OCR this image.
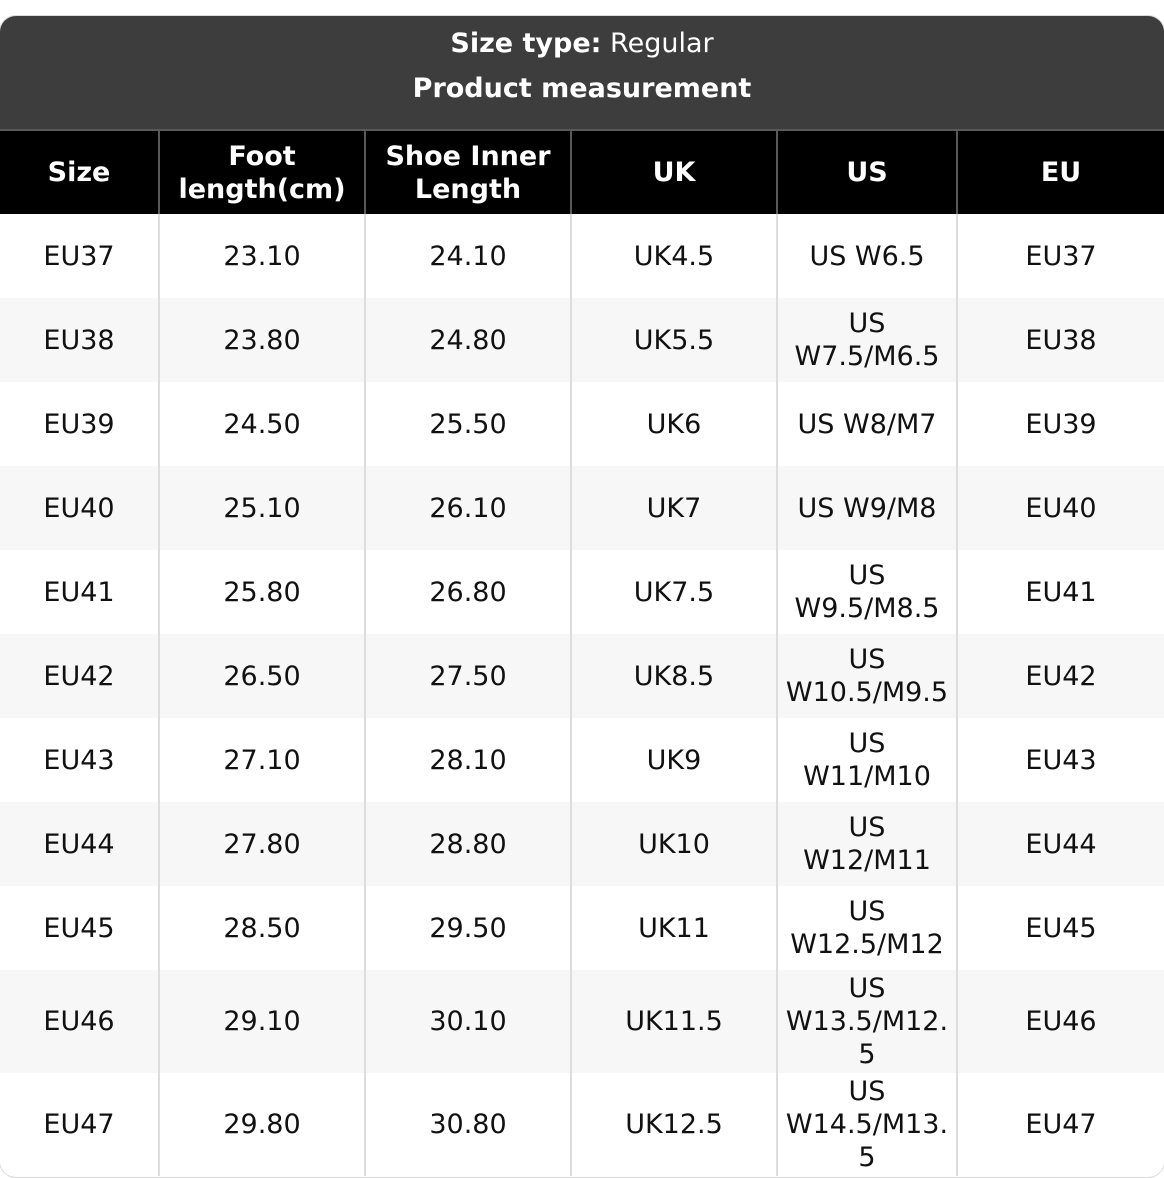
Size type: Regular
Product measurement
Size	Foot length(cm)	Shoe Inner Length	UK	US	EU
EU37	23.10	24.10	UK4.5	US W6.5	EU37
EU38	23.80	24.80	UK5.5	US W7.5/M6.5	EU38
EU39	24.50	25.50	UK6	US W8/M7	EU39
EU40	25.10	26.10	UK7	US W9/M8	EU40
EU41	25.80	26.80	UK7.5	US W9.5/M8.5	EU41
EU42	26.50	27.50	UK8.5	US W10.5/M9.5	EU42
EU43	27.10	28.10	UK9	US W11/M10	EU43
EU44	27.80	28.80	UK10	US W12/M11	EU44
EU45	28.50	29.50	UK11	US W12.5/M12	EU45
EU46	29.10	30.10	UK11.5	US W13.5/M12.5	EU46
EU47	29.80	30.80	UK12.5	US W14.5/M13.5	EU47
